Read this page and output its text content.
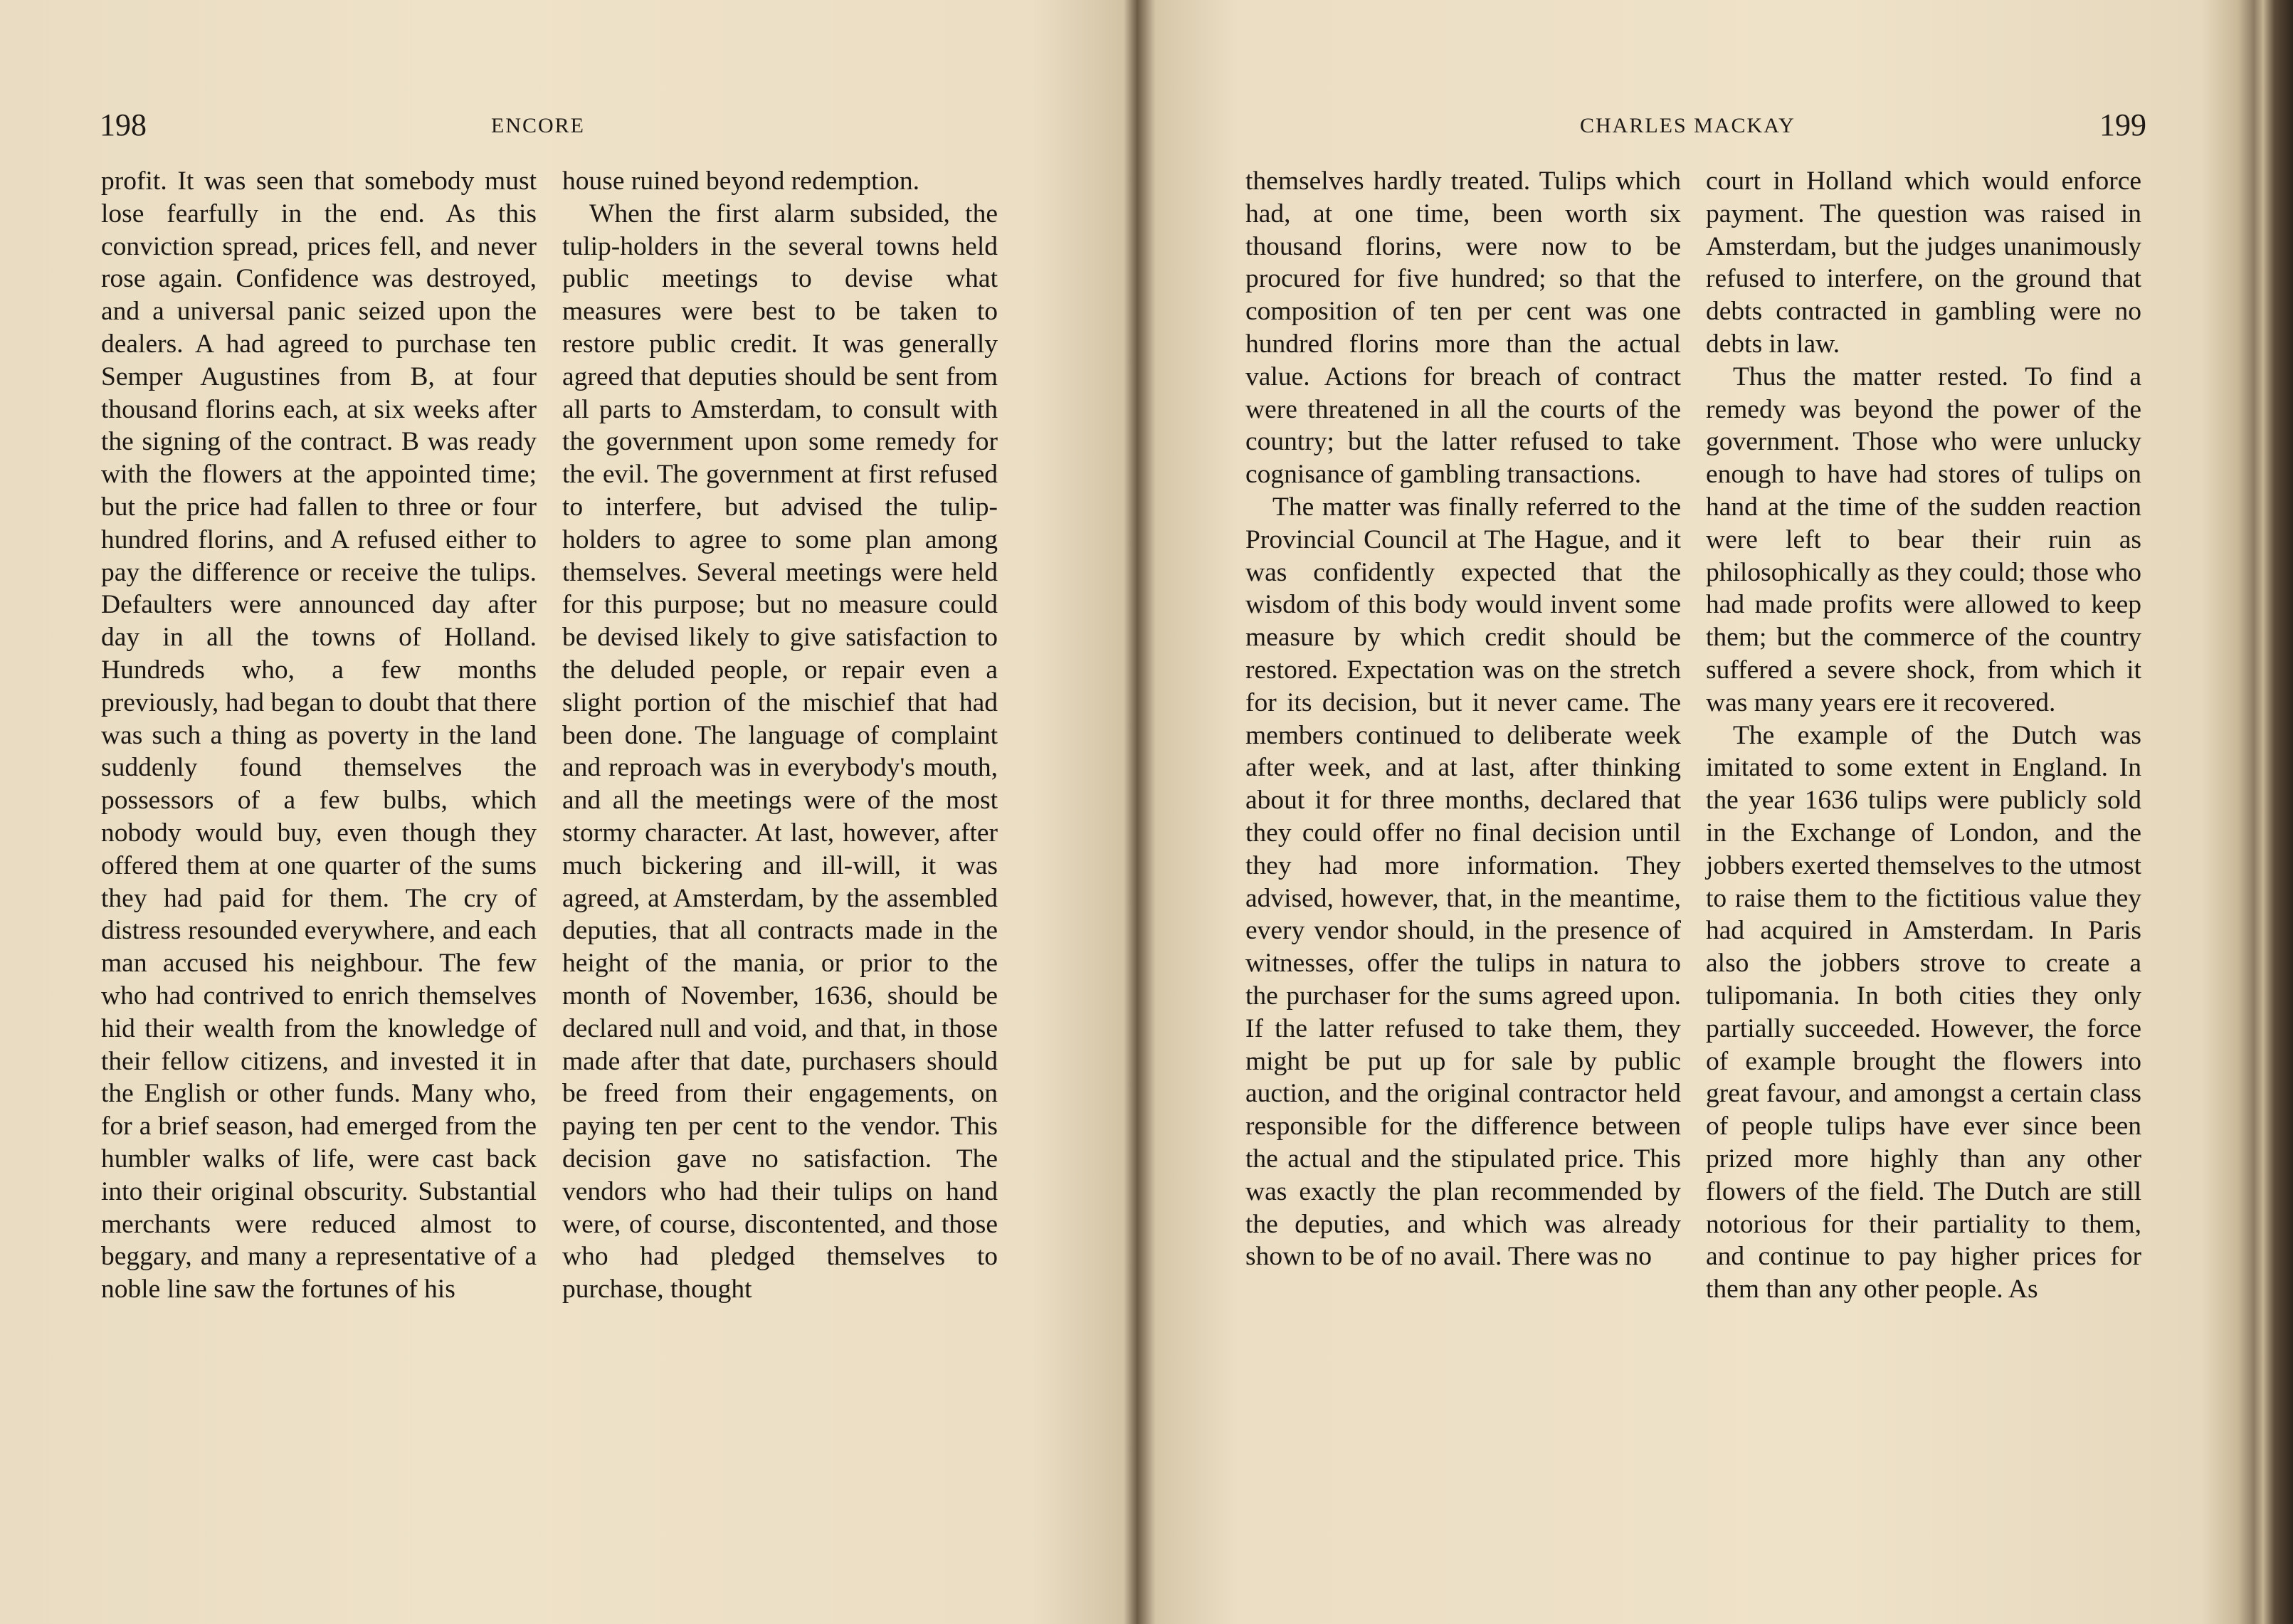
198	ENCORE

profit. It was seen that somebody must lose fearfully in the end. As this conviction spread, prices fell, and never rose again. Confidence was destroyed, and a universal panic seized upon the dealers. A had agreed to purchase ten Semper Augustines from B, at four thousand florins each, at six weeks after the signing of the contract. B was ready with the flowers at the appointed time; but the price had fallen to three or four hundred florins, and A refused either to pay the difference or receive the tulips. Defaulters were announced day after day in all the towns of Holland. Hundreds who, a few months previously, had began to doubt that there was such a thing as poverty in the land suddenly found themselves the possessors of a few bulbs, which nobody would buy, even though they offered them at one quarter of the sums they had paid for them. The cry of distress resounded everywhere, and each man accused his neighbour. The few who had contrived to enrich themselves hid their wealth from the knowledge of their fellow citizens, and invested it in the English or other funds. Many who, for a brief season, had emerged from the humbler walks of life, were cast back into their original obscurity. Substantial merchants were reduced almost to beggary, and many a representative of a noble line saw the fortunes of his

house ruined beyond redemption.

When the first alarm subsided, the tulip-holders in the several towns held public meetings to devise what measures were best to be taken to restore public credit. It was generally agreed that deputies should be sent from all parts to Amsterdam, to consult with the government upon some remedy for the evil. The government at first refused to interfere, but advised the tulip-holders to agree to some plan among themselves. Several meetings were held for this purpose; but no measure could be devised likely to give satisfaction to the deluded people, or repair even a slight portion of the mischief that had been done. The language of complaint and reproach was in everybody's mouth, and all the meetings were of the most stormy character. At last, however, after much bickering and ill-will, it was agreed, at Amsterdam, by the assembled deputies, that all contracts made in the height of the mania, or prior to the month of November, 1636, should be declared null and void, and that, in those made after that date, purchasers should be freed from their engagements, on paying ten per cent to the vendor. This decision gave no satisfaction. The vendors who had their tulips on hand were, of course, discontented, and those who had pledged themselves to purchase, thought

CHARLES MACKAY	199

themselves hardly treated. Tulips which had, at one time, been worth six thousand florins, were now to be procured for five hundred; so that the composition of ten per cent was one hundred florins more than the actual value. Actions for breach of contract were threatened in all the courts of the country; but the latter refused to take cognisance of gambling transactions.

The matter was finally referred to the Provincial Council at The Hague, and it was confidently expected that the wisdom of this body would invent some measure by which credit should be restored. Expectation was on the stretch for its decision, but it never came. The members continued to deliberate week after week, and at last, after thinking about it for three months, declared that they could offer no final decision until they had more information. They advised, however, that, in the meantime, every vendor should, in the presence of witnesses, offer the tulips in natura to the purchaser for the sums agreed upon. If the latter refused to take them, they might be put up for sale by public auction, and the original contractor held responsible for the difference between the actual and the stipulated price. This was exactly the plan recommended by the deputies, and which was already shown to be of no avail. There was no

court in Holland which would enforce payment. The question was raised in Amsterdam, but the judges unanimously refused to interfere, on the ground that debts contracted in gambling were no debts in law.

Thus the matter rested. To find a remedy was beyond the power of the government. Those who were unlucky enough to have had stores of tulips on hand at the time of the sudden reaction were left to bear their ruin as philosophically as they could; those who had made profits were allowed to keep them; but the commerce of the country suffered a severe shock, from which it was many years ere it recovered.

The example of the Dutch was imitated to some extent in England. In the year 1636 tulips were publicly sold in the Exchange of London, and the jobbers exerted themselves to the utmost to raise them to the fictitious value they had acquired in Amsterdam. In Paris also the jobbers strove to create a tulipomania. In both cities they only partially succeeded. However, the force of example brought the flowers into great favour, and amongst a certain class of people tulips have ever since been prized more highly than any other flowers of the field. The Dutch are still notorious for their partiality to them, and continue to pay higher prices for them than any other people. As
